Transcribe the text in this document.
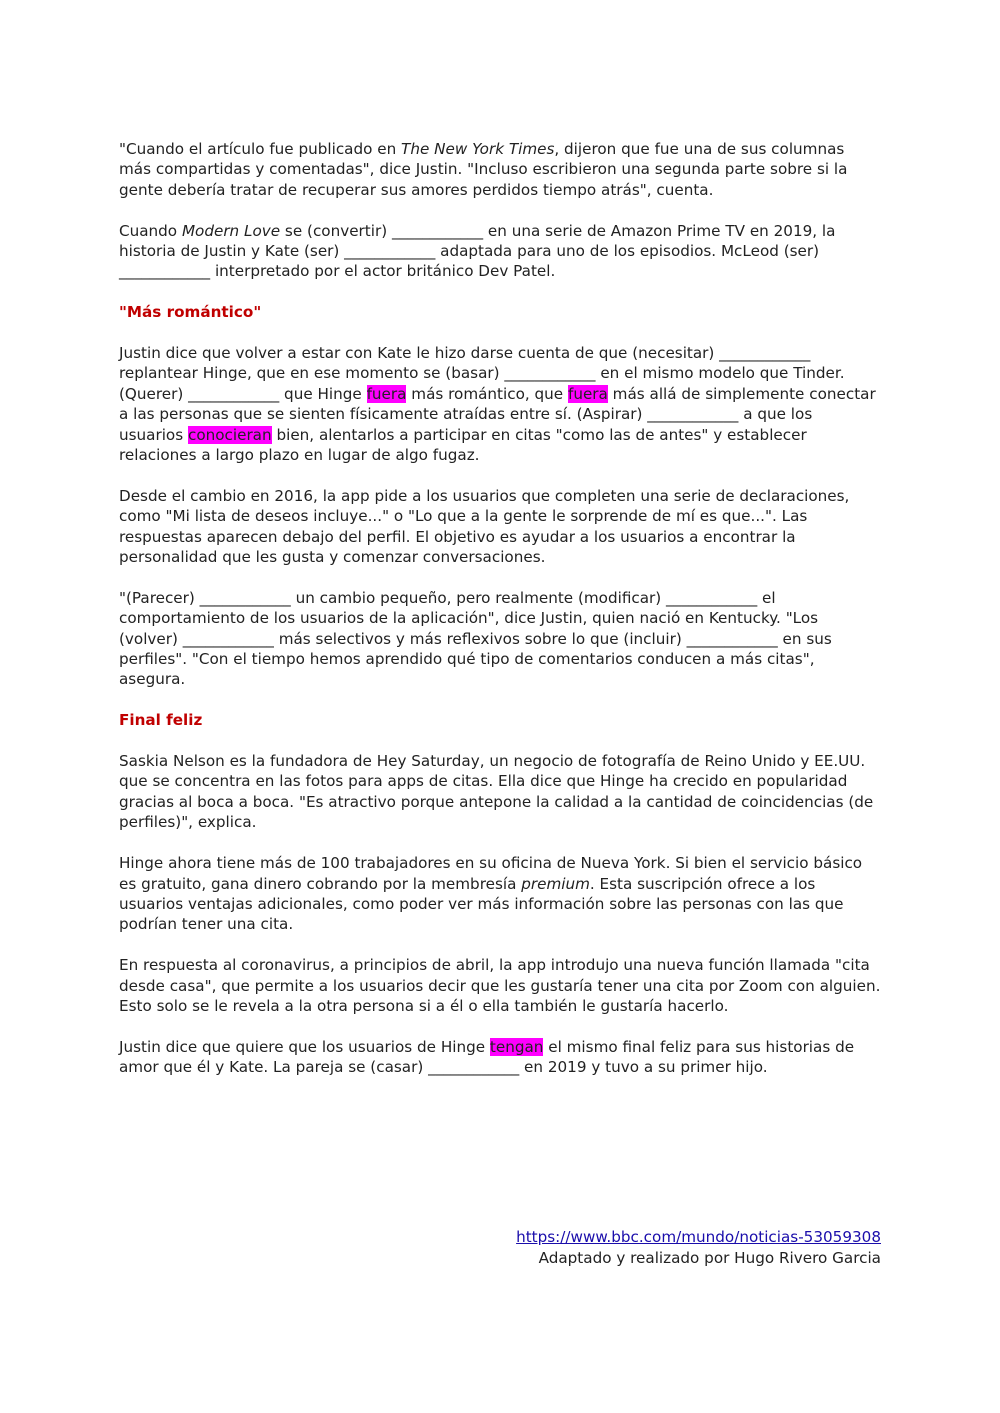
"Cuando el artículo fue publicado en The New York Times, dijeron que fue una de sus columnas más compartidas y comentadas", dice Justin. "Incluso escribieron una segunda parte sobre si la gente debería tratar de recuperar sus amores perdidos tiempo atrás", cuenta.

Cuando Modern Love se (convertir) ____________ en una serie de Amazon Prime TV en 2019, la historia de Justin y Kate (ser) ____________ adaptada para uno de los episodios. McLeod (ser) ____________ interpretado por el actor británico Dev Patel.

"Más romántico"

Justin dice que volver a estar con Kate le hizo darse cuenta de que (necesitar) ____________ replantear Hinge, que en ese momento se (basar) ____________ en el mismo modelo que Tinder. (Querer) ____________ que Hinge fuera más romántico, que fuera más allá de simplemente conectar a las personas que se sienten físicamente atraídas entre sí. (Aspirar) ____________ a que los usuarios conocieran bien, alentarlos a participar en citas "como las de antes" y establecer relaciones a largo plazo en lugar de algo fugaz.

Desde el cambio en 2016, la app pide a los usuarios que completen una serie de declaraciones, como "Mi lista de deseos incluye..." o "Lo que a la gente le sorprende de mí es que...". Las respuestas aparecen debajo del perfil. El objetivo es ayudar a los usuarios a encontrar la personalidad que les gusta y comenzar conversaciones.

"(Parecer) ____________ un cambio pequeño, pero realmente (modificar) ____________ el comportamiento de los usuarios de la aplicación", dice Justin, quien nació en Kentucky. "Los (volver) ____________ más selectivos y más reflexivos sobre lo que (incluir) ____________ en sus perfiles". "Con el tiempo hemos aprendido qué tipo de comentarios conducen a más citas", asegura.

Final feliz

Saskia Nelson es la fundadora de Hey Saturday, un negocio de fotografía de Reino Unido y EE.UU. que se concentra en las fotos para apps de citas. Ella dice que Hinge ha crecido en popularidad gracias al boca a boca. "Es atractivo porque antepone la calidad a la cantidad de coincidencias (de perfiles)", explica.

Hinge ahora tiene más de 100 trabajadores en su oficina de Nueva York. Si bien el servicio básico es gratuito, gana dinero cobrando por la membresía premium. Esta suscripción ofrece a los usuarios ventajas adicionales, como poder ver más información sobre las personas con las que podrían tener una cita.

En respuesta al coronavirus, a principios de abril, la app introdujo una nueva función llamada "cita desde casa", que permite a los usuarios decir que les gustaría tener una cita por Zoom con alguien. Esto solo se le revela a la otra persona si a él o ella también le gustaría hacerlo.

Justin dice que quiere que los usuarios de Hinge tengan el mismo final feliz para sus historias de amor que él y Kate. La pareja se (casar) ____________ en 2019 y tuvo a su primer hijo.

https://www.bbc.com/mundo/noticias-53059308
Adaptado y realizado por Hugo Rivero Garcia
